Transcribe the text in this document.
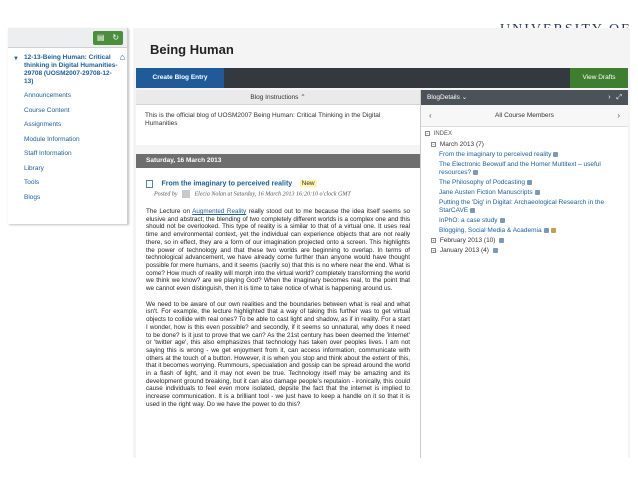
▤ ↻
▼ 12-13-Being Human: Critical thinking in Digital Humanities-29708 (UOSM2007-29708-12-13)
⌂
Announcements
Course Content
Assignments
Module Information
Staff Information
Library
Tools
Blogs
Being Human
Create Blog Entry	View Drafts
Blog Instructions ⌃
This is the official blog of UOSM2007 Being Human: Critical Thinking in the Digital Humanities
Saturday, 16 March 2013
From the imaginary to perceived reality New
Posted by	Elecia Nolan at Saturday, 16 March 2013 16:20:10 o'clock GMT

The Lecture on Augmented Reality really stood out to me because the idea itself seems so elusive and abstract; the blending of two completely different worlds is a complex one and this should not be overlooked. This type of reality is a similar to that of a virtual one. It uses real time and environmental context, yet the individual can experience objects that are not really there, so in effect, they are a form of our imagination projected onto a screen. This highlights the power of technology and that these two worlds are beginning to overlap. In terms of technological advancement, we have already come further than anyone would have thought possible for mere humans, and it seems (sacrily so) that this is no where near the end. What is come? How much of reality will morph into the virtual world? completely transforming the world we think we know? are we playing God? When the imaginary becomes real, to the point that we cannot even distinguish, then it is time to take notice of what is happening around us.

We need to be aware of our own realities and the boundaries between what is real and what isn't. For example, the lecture highlighted that a way of taking this further was to get virtual objects to collide with real ones? To be able to cast light and shadow, as if in reality. For a start I wonder, how is this even possible? and secondly, if it seems so unnatural, why does it need to be done? Is it just to prove that we can? As the 21st century has been deemed the 'internet' or 'twitter age', this also emphasizes that technology has taken over peoples lives. I am not saying this is wrong - we get enjoyment from it, can access information, communicate with others at the touch of a button. However, it is when you stop and think about the extent of this, that it becomes worrying. Rummours, specualation and gossip can be spread around the world in a flash of light, and it may not even be true. Technology itself may be amazing and its development ground breaking, but it can also damage people's reputaion - ironically, this could cause individuals to feel even more isolated, depsite the fact that the internet is implied to increase communication. It is a brilliant tool - we just have to keep a handle on it so that it is used in the right way. Do we have the power to do this?

BlogDetails ⌄	› ⤢
‹	All Course Members	›
− INDEX
− March 2013 (7)
From the imaginary to perceived reality
The Electronic Beowulf and the Homer Multitext – useful resources?
The Philosophy of Podcasting
Jane Austen Fiction Manuscripts
Putting the 'Dig' in Digital: Archaeological Research in the StarCAVE
InPhO: a case study
Blogging, Social Media & Academia
+ February 2013 (10)
+ January 2013 (4)
